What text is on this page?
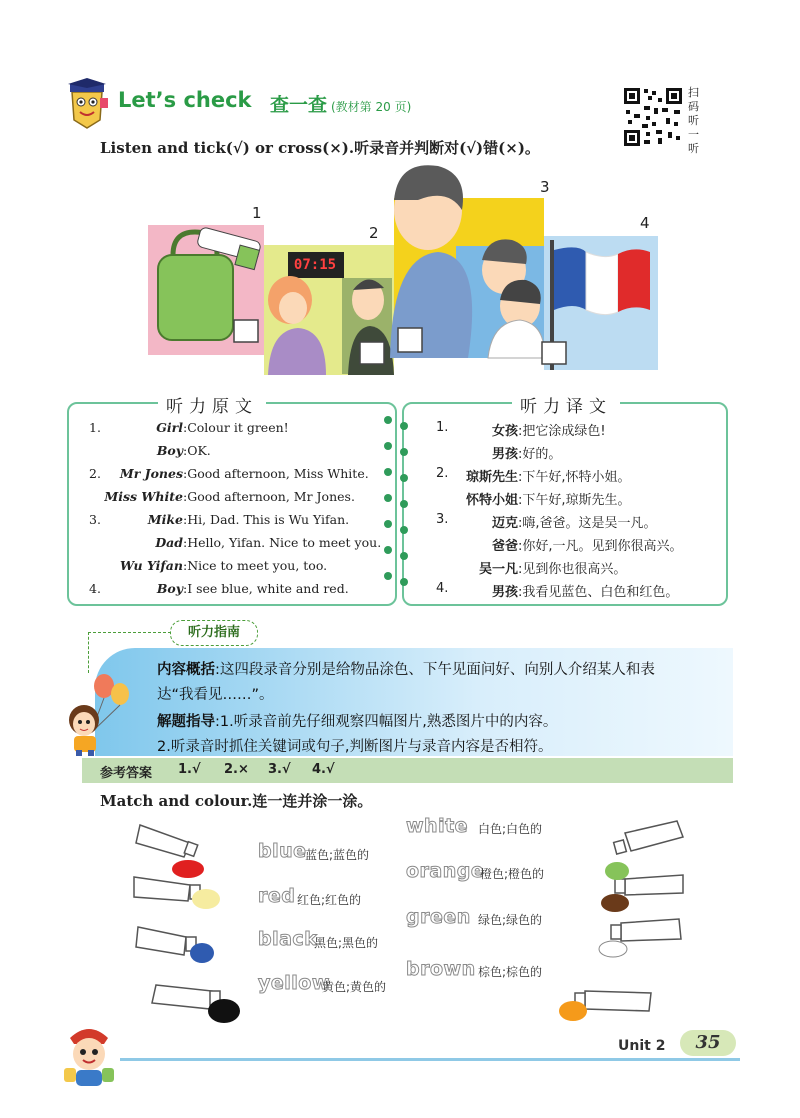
Let’s check 查一查 (教材第 20 页)
扫码听一听
Listen and tick(√) or cross(×).听录音并判断对(√)错(×)。
07:15
1
2
3
4
听力原文	听力译文
1.	Girl :Colour it green!
Boy :OK.
2. Mr Jones :Good afternoon, Miss White.
Miss White :Good afternoon, Mr Jones.
3.	Mike :Hi, Dad. This is Wu Yifan.
Dad :Hello, Yifan. Nice to meet you.
Wu Yifan :Nice to meet you, too.
4.	Boy :I see blue, white and red.
1.	女孩 :把它涂成绿色!
男孩 :好的。
2. 琼斯先生 :下午好,怀特小姐。
怀特小姐 :下午好,琼斯先生。
3.	迈克 :嗨,爸爸。这是吴一凡。
爸爸 :你好,一凡。见到你很高兴。
吴一凡 :见到你也很高兴。
4.	男孩 :我看见蓝色、白色和红色。
听力指南
内容概括:这四段录音分别是给物品涂色、下午见面问好、向别人介绍某人和表
达“我看见……”。
解题指导:1.听录音前先仔细观察四幅图片,熟悉图片中的内容。
2.听录音时抓住关键词或句子,判断图片与录音内容是否相符。
参考答案 1.√ 2.× 3.√ 4.√
Match and colour.连一连并涂一涂。
white 白色;白色的
blue
蓝色;蓝色的
orange
橙色;橙色的
red 红色;红色的
green 绿色;绿色的
black
黑色;黑色的
brown 棕色;棕色的
yellow
黄色;黄色的
Unit 2	35
